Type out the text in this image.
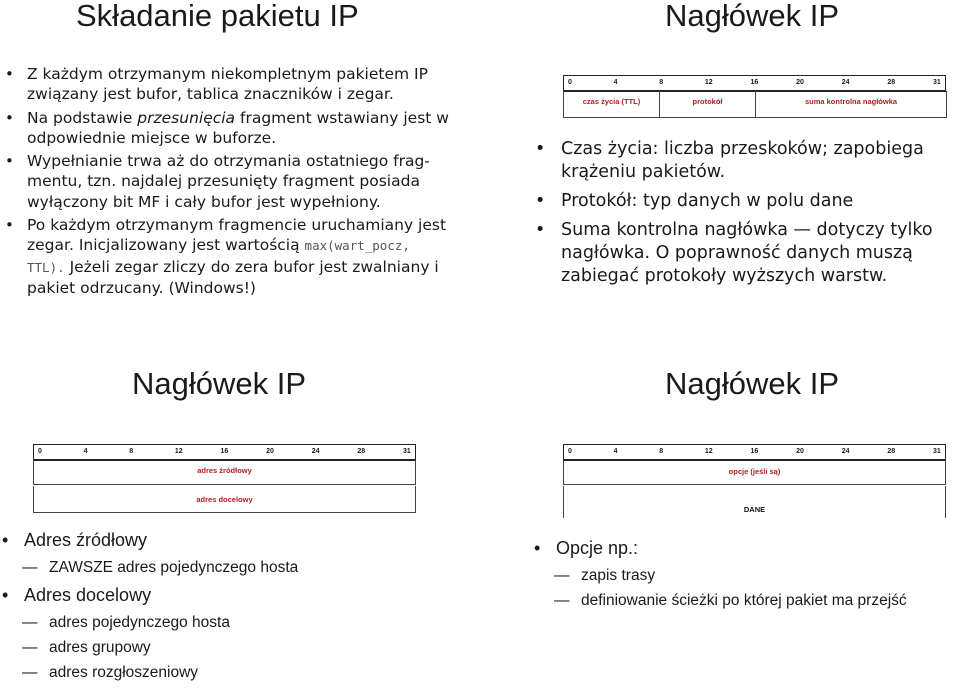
Składanie pakietu IP
• Z każdym otrzymanym niekompletnym pakietem IP związany jest bufor, tablica znaczników i zegar.
• Na podstawie przesunięcia fragment wstawiany jest w odpowiednie miejsce w buforze.
• Wypełnianie trwa aż do otrzymania ostatniego frag-mentu, tzn. najdalej przesunięty fragment posiada wyłączony bit MF i cały bufor jest wypełniony.
• Po każdym otrzymanym fragmencie uruchamiany jest zegar. Inicjalizowany jest wartością max(wart_pocz, TTL). Jeżeli zegar zliczy do zera bufor jest zwalniany i pakiet odrzucany. (Windows!)
Nagłówek IP
0	4	8	12	16	20	24	28	31
czas życia (TTL)	protokół	suma kontrolna nagłówka
• Czas życia: liczba przeskoków; zapobiega krążeniu pakietów.
• Protokół: typ danych w polu dane
• Suma kontrolna nagłówka — dotyczy tylko nagłówka. O poprawność danych muszą zabiegać protokoły wyższych warstw.
Nagłówek IP
0	4	8	12	16	20	24	28	31
adres źródłowy
adres docelowy
• Adres źródłowy
— ZAWSZE adres pojedynczego hosta
• Adres docelowy
— adres pojedynczego hosta
— adres grupowy
— adres rozgłoszeniowy
Nagłówek IP
0	4	8	12	16	20	24	28	31
opcje (jeśli są)
DANE
• Opcje np.:
— zapis trasy
— definiowanie ścieżki po której pakiet ma przejść
